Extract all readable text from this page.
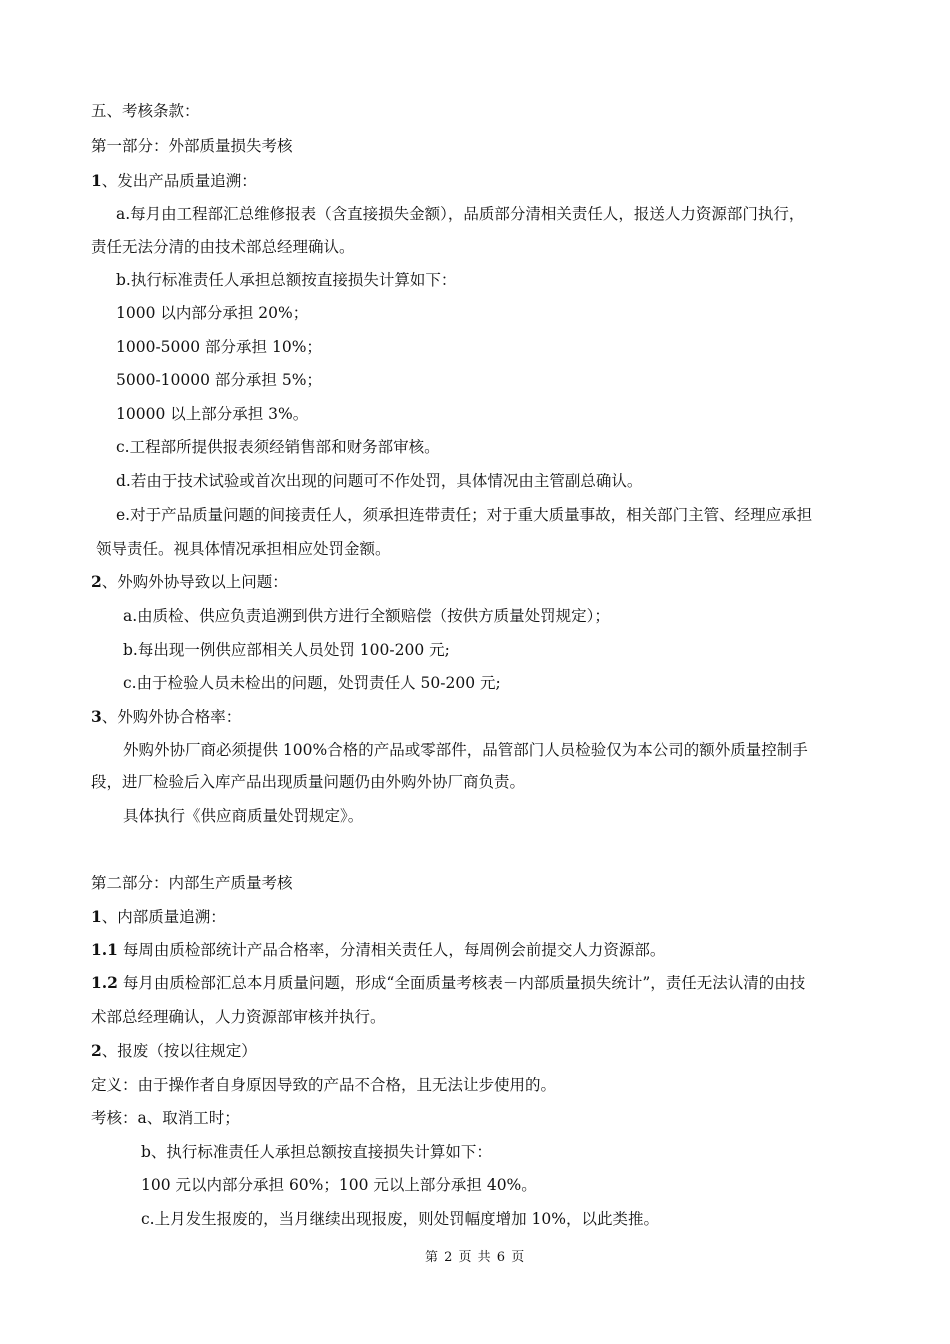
五、考核条款：
第一部分：外部质量损失考核
1、发出产品质量追溯：
a.每月由工程部汇总维修报表（含直接损失金额），品质部分清相关责任人，报送人力资源部门执行，
责任无法分清的由技术部总经理确认。
b.执行标准责任人承担总额按直接损失计算如下：
1000 以内部分承担 20%；
1000-5000 部分承担 10%；
5000-10000 部分承担 5%；
10000 以上部分承担 3%。
c.工程部所提供报表须经销售部和财务部审核。
d.若由于技术试验或首次出现的问题可不作处罚，具体情况由主管副总确认。
e.对于产品质量问题的间接责任人，须承担连带责任；对于重大质量事故，相关部门主管、经理应承担
领导责任。视具体情况承担相应处罚金额。
2、外购外协导致以上问题：
a.由质检、供应负责追溯到供方进行全额赔偿（按供方质量处罚规定）；
b.每出现一例供应部相关人员处罚 100-200 元;
c.由于检验人员未检出的问题，处罚责任人 50-200 元;
3、外购外协合格率：
外购外协厂商必须提供 100%合格的产品或零部件，品管部门人员检验仅为本公司的额外质量控制手
段，进厂检验后入库产品出现质量问题仍由外购外协厂商负责。
具体执行《供应商质量处罚规定》。
第二部分：内部生产质量考核
1、内部质量追溯：
1.1 每周由质检部统计产品合格率，分清相关责任人，每周例会前提交人力资源部。
1.2 每月由质检部汇总本月质量问题，形成“全面质量考核表－内部质量损失统计”，责任无法认清的由技
术部总经理确认，人力资源部审核并执行。
2、报废（按以往规定）
定义：由于操作者自身原因导致的产品不合格，且无法让步使用的。
考核：a、取消工时；
b、执行标准责任人承担总额按直接损失计算如下：
100 元以内部分承担 60%；100 元以上部分承担 40%。
c.上月发生报废的，当月继续出现报废，则处罚幅度增加 10%，以此类推。
第 2 页 共 6 页
